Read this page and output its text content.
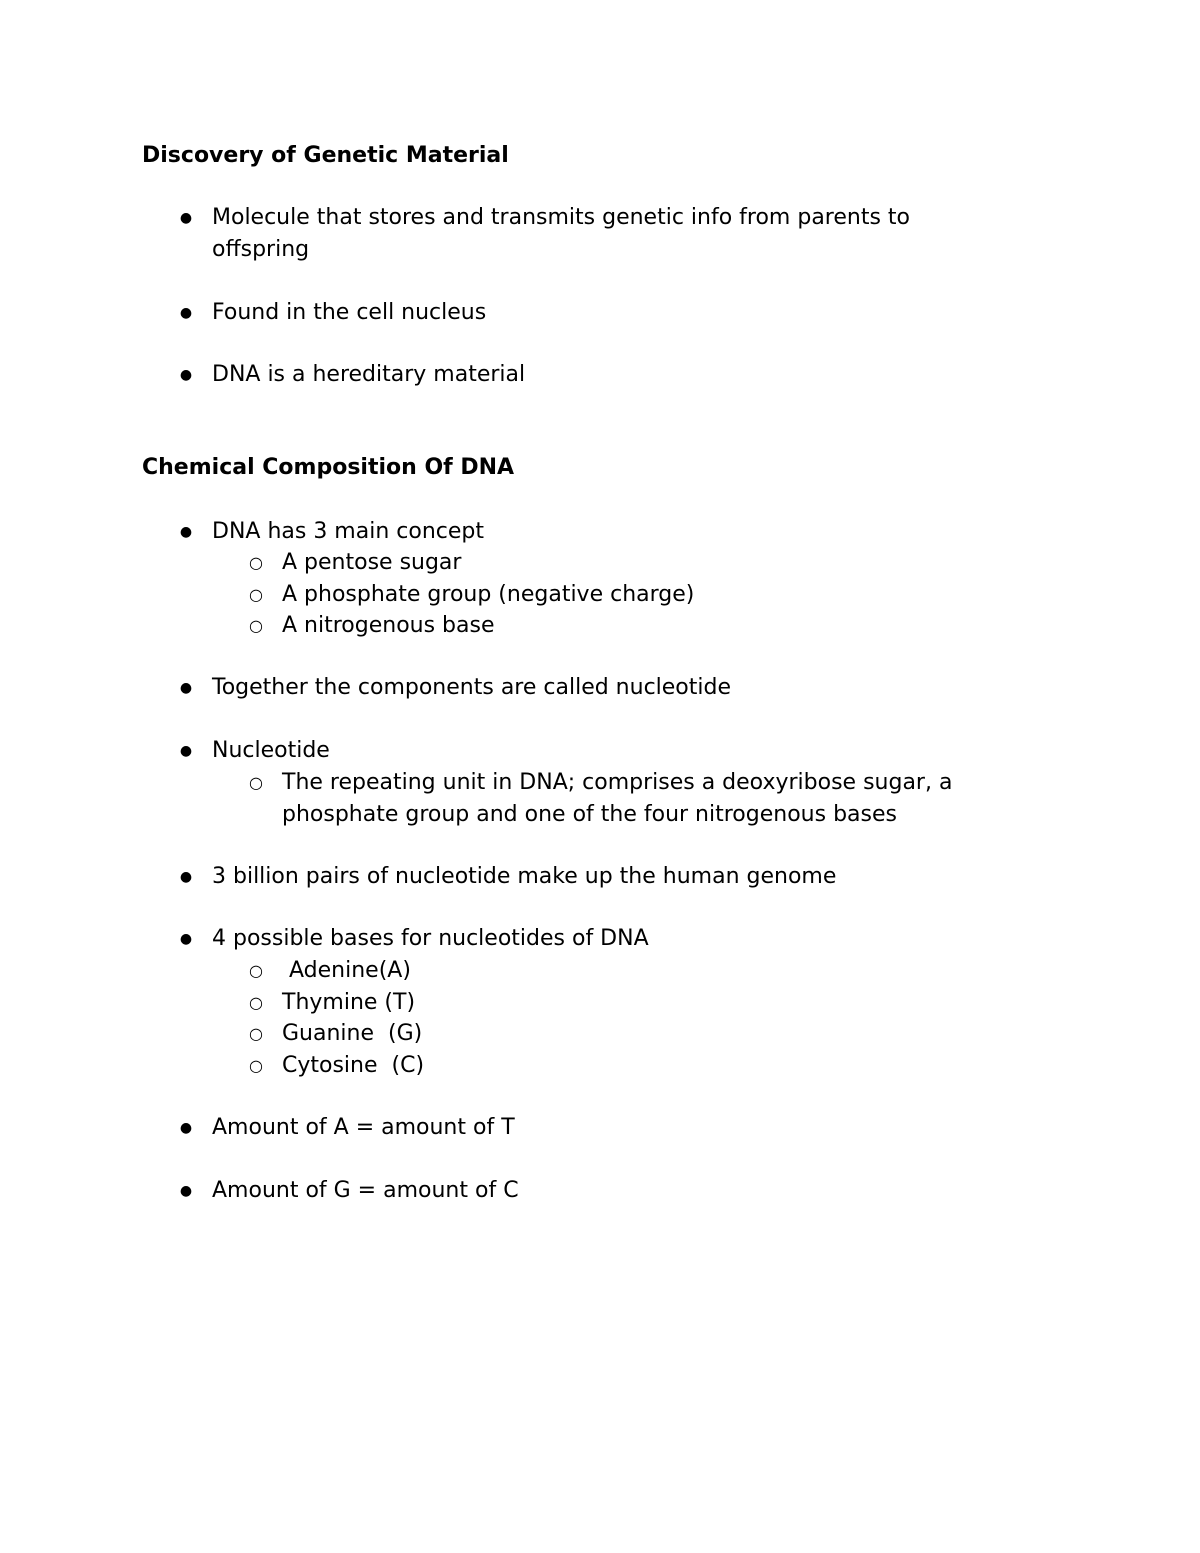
Discovery of Genetic Material
● Molecule that stores and transmits genetic info from parents to
offspring
● Found in the cell nucleus
● DNA is a hereditary material
Chemical Composition Of DNA
● DNA has 3 main concept
○ A pentose sugar
○ A phosphate group (negative charge)
○ A nitrogenous base
● Together the components are called nucleotide
● Nucleotide
○ The repeating unit in DNA; comprises a deoxyribose sugar, a
phosphate group and one of the four nitrogenous bases
● 3 billion pairs of nucleotide make up the human genome
● 4 possible bases for nucleotides of DNA
○ Adenine(A)
○ Thymine (T)
○ Guanine  (G)
○ Cytosine  (C)
● Amount of A = amount of T
● Amount of G = amount of C
